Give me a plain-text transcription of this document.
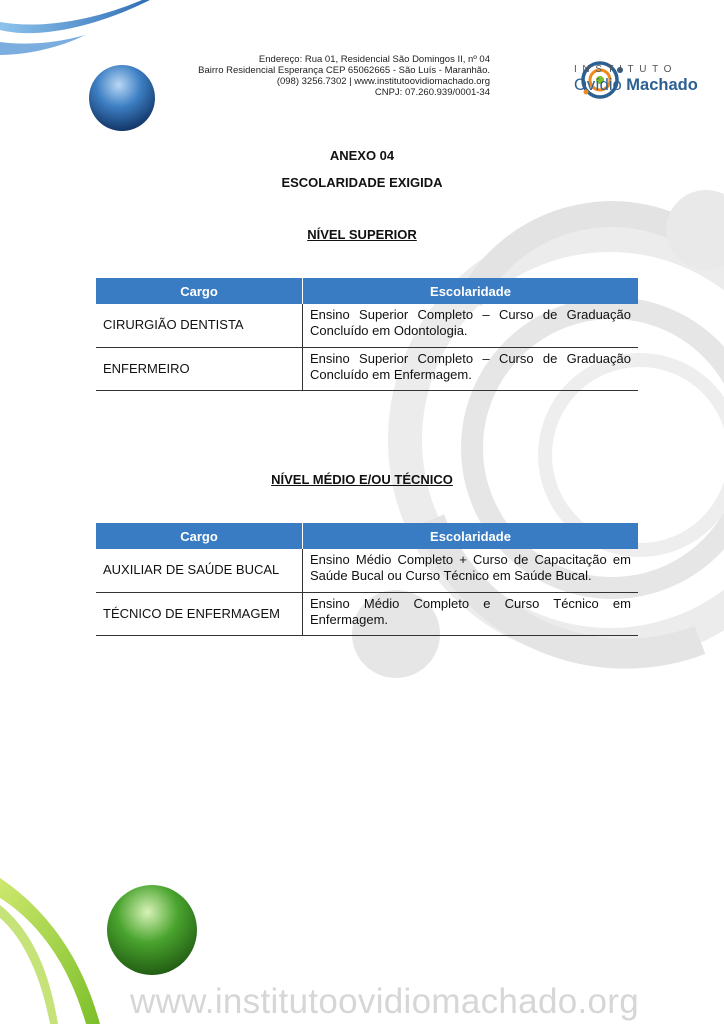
Endereço: Rua 01, Residencial São Domingos II, nº 04
Bairro Residencial Esperança CEP 65062665 - São Luís - Maranhão.
(098) 3256.7302 | www.institutoovidiomachado.org
CNPJ: 07.260.939/0001-34
INSTITUTO
Ovídio Machado
ANEXO 04
ESCOLARIDADE EXIGIDA
NÍVEL SUPERIOR
Cargo	Escolaridade
CIRURGIÃO DENTISTA	Ensino Superior Completo – Curso de Graduação Concluído em Odontologia.
ENFERMEIRO	Ensino Superior Completo – Curso de Graduação Concluído em Enfermagem.
NÍVEL MÉDIO E/OU TÉCNICO
Cargo	Escolaridade
AUXILIAR DE SAÚDE BUCAL	Ensino Médio Completo + Curso de Capacitação em Saúde Bucal ou Curso Técnico em Saúde Bucal.
TÉCNICO DE ENFERMAGEM	Ensino Médio Completo e Curso Técnico em Enfermagem.
www.institutoovidiomachado.org
